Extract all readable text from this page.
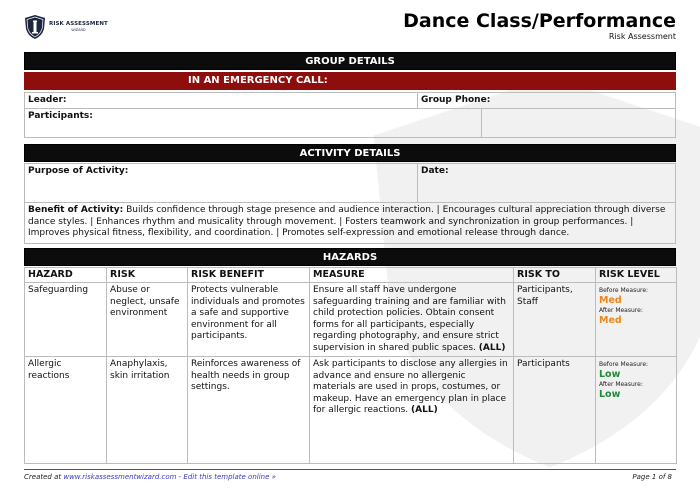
RISK ASSESSMENT
WIZARD	Dance Class/Performance
Risk Assessment
GROUP DETAILS
IN AN EMERGENCY CALL:
Leader:	Group Phone:
Participants:
ACTIVITY DETAILS
Purpose of Activity:	Date:
Benefit of Activity: Builds confidence through stage presence and audience interaction. | Encourages cultural appreciation through diverse dance styles. | Enhances rhythm and musicality through movement. | Fosters teamwork and synchronization in group performances. | Improves physical fitness, flexibility, and coordination. | Promotes self-expression and emotional release through dance.
HAZARDS
HAZARD	RISK	RISK BENEFIT	MEASURE	RISK TO	RISK LEVEL
Safeguarding	Abuse or neglect, unsafe environment	Protects vulnerable individuals and promotes a safe and supportive environment for all participants.	Ensure all staff have undergone safeguarding training and are familiar with child protection policies. Obtain consent forms for all participants, especially regarding photography, and ensure strict supervision in shared public spaces. (ALL)	Participants, Staff	
Before Measure:
Med
After Measure:
Med

Allergic reactions	Anaphylaxis, skin irritation	Reinforces awareness of health needs in group settings.	Ask participants to disclose any allergies in advance and ensure no allergenic materials are used in props, costumes, or makeup. Have an emergency plan in place for allergic reactions. (ALL)	Participants	Before Measure:
Low
After Measure:
Low
Created at www.riskassessmentwizard.com - Edit this template online »	Page 1 of 8
